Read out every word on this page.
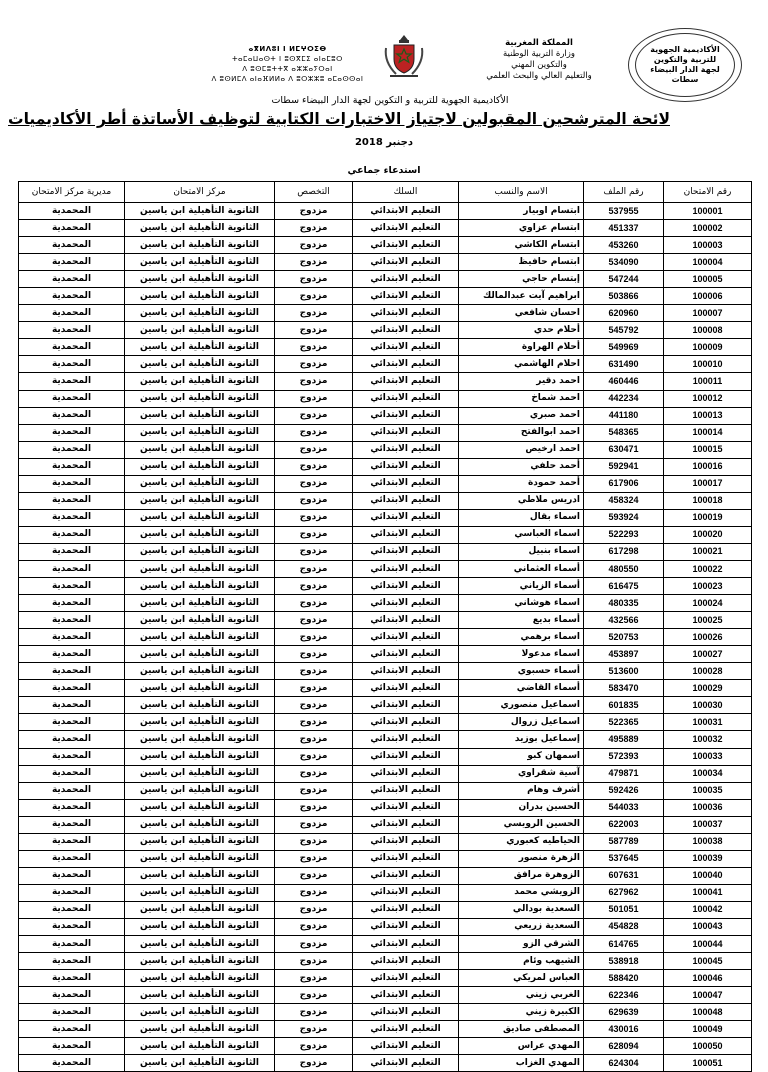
الأكاديمية الجهوية للتربية والتكوين لجهة الدار البيضاء سطات
المملكة المغربية
وزارة التربية الوطنية
والتكوين المهني
والتعليم العالي والبحث العلمي
ⴰⴳⵍⴷⵓⵏ ⵏ ⵍⵎⵖⵔⵉⴱ
ⵜⴰⵎⴰⵡⴰⵙⵜ ⵏ ⵓⵙⴳⵎⵉ ⴰⵏⴰⵎⵓⵔ
ⴷ ⵓⵙⵎⵓⵜⵜⴳ ⴰⵣⵣⴰⵢⵔⴰⵏ
ⴷ ⵓⵙⵍⵎⴷ ⴰⵏⴰⴼⵍⵍⴰ ⴷ ⵓⵔⵣⵣⵓ ⴰⵎⴰⵙⵙⴰⵏ
الأكاديمية الجهوية للتربية و التكوين لجهة الدار البيضاء سطات
لائحة المترشحين المقبولين لاجتياز الاختبارات الكتابية لتوظيف الأساتذة أطر الأكاديميات
دجنبر 2018
استدعاء جماعي
رقم الامتحان	رقم الملف	الاسم والنسب	السلك	التخصص	مركز الامتحان	مديرية مركز الامتحان
100001	537955	ابتسام اوبيار	التعليم الابتدائي	مزدوج	الثانوية التأهيلية ابن ياسين	المحمدية
100002	451337	ابتسام عزاوي	التعليم الابتدائي	مزدوج	الثانوية التأهيلية ابن ياسين	المحمدية
100003	453260	ابتسام الكاشي	التعليم الابتدائي	مزدوج	الثانوية التأهيلية ابن ياسين	المحمدية
100004	534090	ابتسام حافيظ	التعليم الابتدائي	مزدوج	الثانوية التأهيلية ابن ياسين	المحمدية
100005	547244	إبتسام حاجي	التعليم الابتدائي	مزدوج	الثانوية التأهيلية ابن ياسين	المحمدية
100006	503866	ابراهيم آيت عبدالمالك	التعليم الابتدائي	مزدوج	الثانوية التأهيلية ابن ياسين	المحمدية
100007	620960	احسان شافعي	التعليم الابتدائي	مزدوج	الثانوية التأهيلية ابن ياسين	المحمدية
100008	545792	أحلام حدي	التعليم الابتدائي	مزدوج	الثانوية التأهيلية ابن ياسين	المحمدية
100009	549969	أحلام الهراوة	التعليم الابتدائي	مزدوج	الثانوية التأهيلية ابن ياسين	المحمدية
100010	631490	احلام الهاشمي	التعليم الابتدائي	مزدوج	الثانوية التأهيلية ابن ياسين	المحمدية
100011	460446	احمد دقير	التعليم الابتدائي	مزدوج	الثانوية التأهيلية ابن ياسين	المحمدية
100012	442234	احمد شماخ	التعليم الابتدائي	مزدوج	الثانوية التأهيلية ابن ياسين	المحمدية
100013	441180	احمد صبري	التعليم الابتدائي	مزدوج	الثانوية التأهيلية ابن ياسين	المحمدية
100014	548365	احمد ابوالفتح	التعليم الابتدائي	مزدوج	الثانوية التأهيلية ابن ياسين	المحمدية
100015	630471	احمد ارخيص	التعليم الابتدائي	مزدوج	الثانوية التأهيلية ابن ياسين	المحمدية
100016	592941	أحمد حلفي	التعليم الابتدائي	مزدوج	الثانوية التأهيلية ابن ياسين	المحمدية
100017	617906	أحمد حمودة	التعليم الابتدائي	مزدوج	الثانوية التأهيلية ابن ياسين	المحمدية
100018	458324	ادريس ملاطي	التعليم الابتدائي	مزدوج	الثانوية التأهيلية ابن ياسين	المحمدية
100019	593924	اسماء بقال	التعليم الابتدائي	مزدوج	الثانوية التأهيلية ابن ياسين	المحمدية
100020	522293	اسماء العباسي	التعليم الابتدائي	مزدوج	الثانوية التأهيلية ابن ياسين	المحمدية
100021	617298	اسماء بنبيل	التعليم الابتدائي	مزدوج	الثانوية التأهيلية ابن ياسين	المحمدية
100022	480550	أسماء العثماني	التعليم الابتدائي	مزدوج	الثانوية التأهيلية ابن ياسين	المحمدية
100023	616475	أسماء الزياني	التعليم الابتدائي	مزدوج	الثانوية التأهيلية ابن ياسين	المحمدية
100024	480335	اسماء هوشاني	التعليم الابتدائي	مزدوج	الثانوية التأهيلية ابن ياسين	المحمدية
100025	432566	أسماء بديع	التعليم الابتدائي	مزدوج	الثانوية التأهيلية ابن ياسين	المحمدية
100026	520753	اسماء برهمي	التعليم الابتدائي	مزدوج	الثانوية التأهيلية ابن ياسين	المحمدية
100027	453897	اسماء مدعولا	التعليم الابتدائي	مزدوج	الثانوية التأهيلية ابن ياسين	المحمدية
100028	513600	أسماء حسبوي	التعليم الابتدائي	مزدوج	الثانوية التأهيلية ابن ياسين	المحمدية
100029	583470	أسماء القاضي	التعليم الابتدائي	مزدوج	الثانوية التأهيلية ابن ياسين	المحمدية
100030	601835	اسماعيل منصوري	التعليم الابتدائي	مزدوج	الثانوية التأهيلية ابن ياسين	المحمدية
100031	522365	اسماعيل زروال	التعليم الابتدائي	مزدوج	الثانوية التأهيلية ابن ياسين	المحمدية
100032	495889	إسماعيل بوزيد	التعليم الابتدائي	مزدوج	الثانوية التأهيلية ابن ياسين	المحمدية
100033	572393	اسمهان كبو	التعليم الابتدائي	مزدوج	الثانوية التأهيلية ابن ياسين	المحمدية
100034	479871	آسية شقراوي	التعليم الابتدائي	مزدوج	الثانوية التأهيلية ابن ياسين	المحمدية
100035	592426	أشرف وهام	التعليم الابتدائي	مزدوج	الثانوية التأهيلية ابن ياسين	المحمدية
100036	544033	الحسين بدران	التعليم الابتدائي	مزدوج	الثانوية التأهيلية ابن ياسين	المحمدية
100037	622003	الحسين الرويسي	التعليم الابتدائي	مزدوج	الثانوية التأهيلية ابن ياسين	المحمدية
100038	587789	الحياطيه كعبوري	التعليم الابتدائي	مزدوج	الثانوية التأهيلية ابن ياسين	المحمدية
100039	537645	الزهرة منصور	التعليم الابتدائي	مزدوج	الثانوية التأهيلية ابن ياسين	المحمدية
100040	607631	الزوهرة مرافق	التعليم الابتدائي	مزدوج	الثانوية التأهيلية ابن ياسين	المحمدية
100041	627962	الزويشي محمد	التعليم الابتدائي	مزدوج	الثانوية التأهيلية ابن ياسين	المحمدية
100042	501051	السعدية بودالي	التعليم الابتدائي	مزدوج	الثانوية التأهيلية ابن ياسين	المحمدية
100043	454828	السعدية زريعي	التعليم الابتدائي	مزدوج	الثانوية التأهيلية ابن ياسين	المحمدية
100044	614765	الشرقي الزو	التعليم الابتدائي	مزدوج	الثانوية التأهيلية ابن ياسين	المحمدية
100045	538918	الشيهب وئام	التعليم الابتدائي	مزدوج	الثانوية التأهيلية ابن ياسين	المحمدية
100046	588420	العباس لمريكي	التعليم الابتدائي	مزدوج	الثانوية التأهيلية ابن ياسين	المحمدية
100047	622346	الغربي زيني	التعليم الابتدائي	مزدوج	الثانوية التأهيلية ابن ياسين	المحمدية
100048	629639	الكبيرة زيني	التعليم الابتدائي	مزدوج	الثانوية التأهيلية ابن ياسين	المحمدية
100049	430016	المصطفى صاديق	التعليم الابتدائي	مزدوج	الثانوية التأهيلية ابن ياسين	المحمدية
100050	628094	المهدي عراس	التعليم الابتدائي	مزدوج	الثانوية التأهيلية ابن ياسين	المحمدية
100051	624304	المهدي الغزاب	التعليم الابتدائي	مزدوج	الثانوية التأهيلية ابن ياسين	المحمدية
